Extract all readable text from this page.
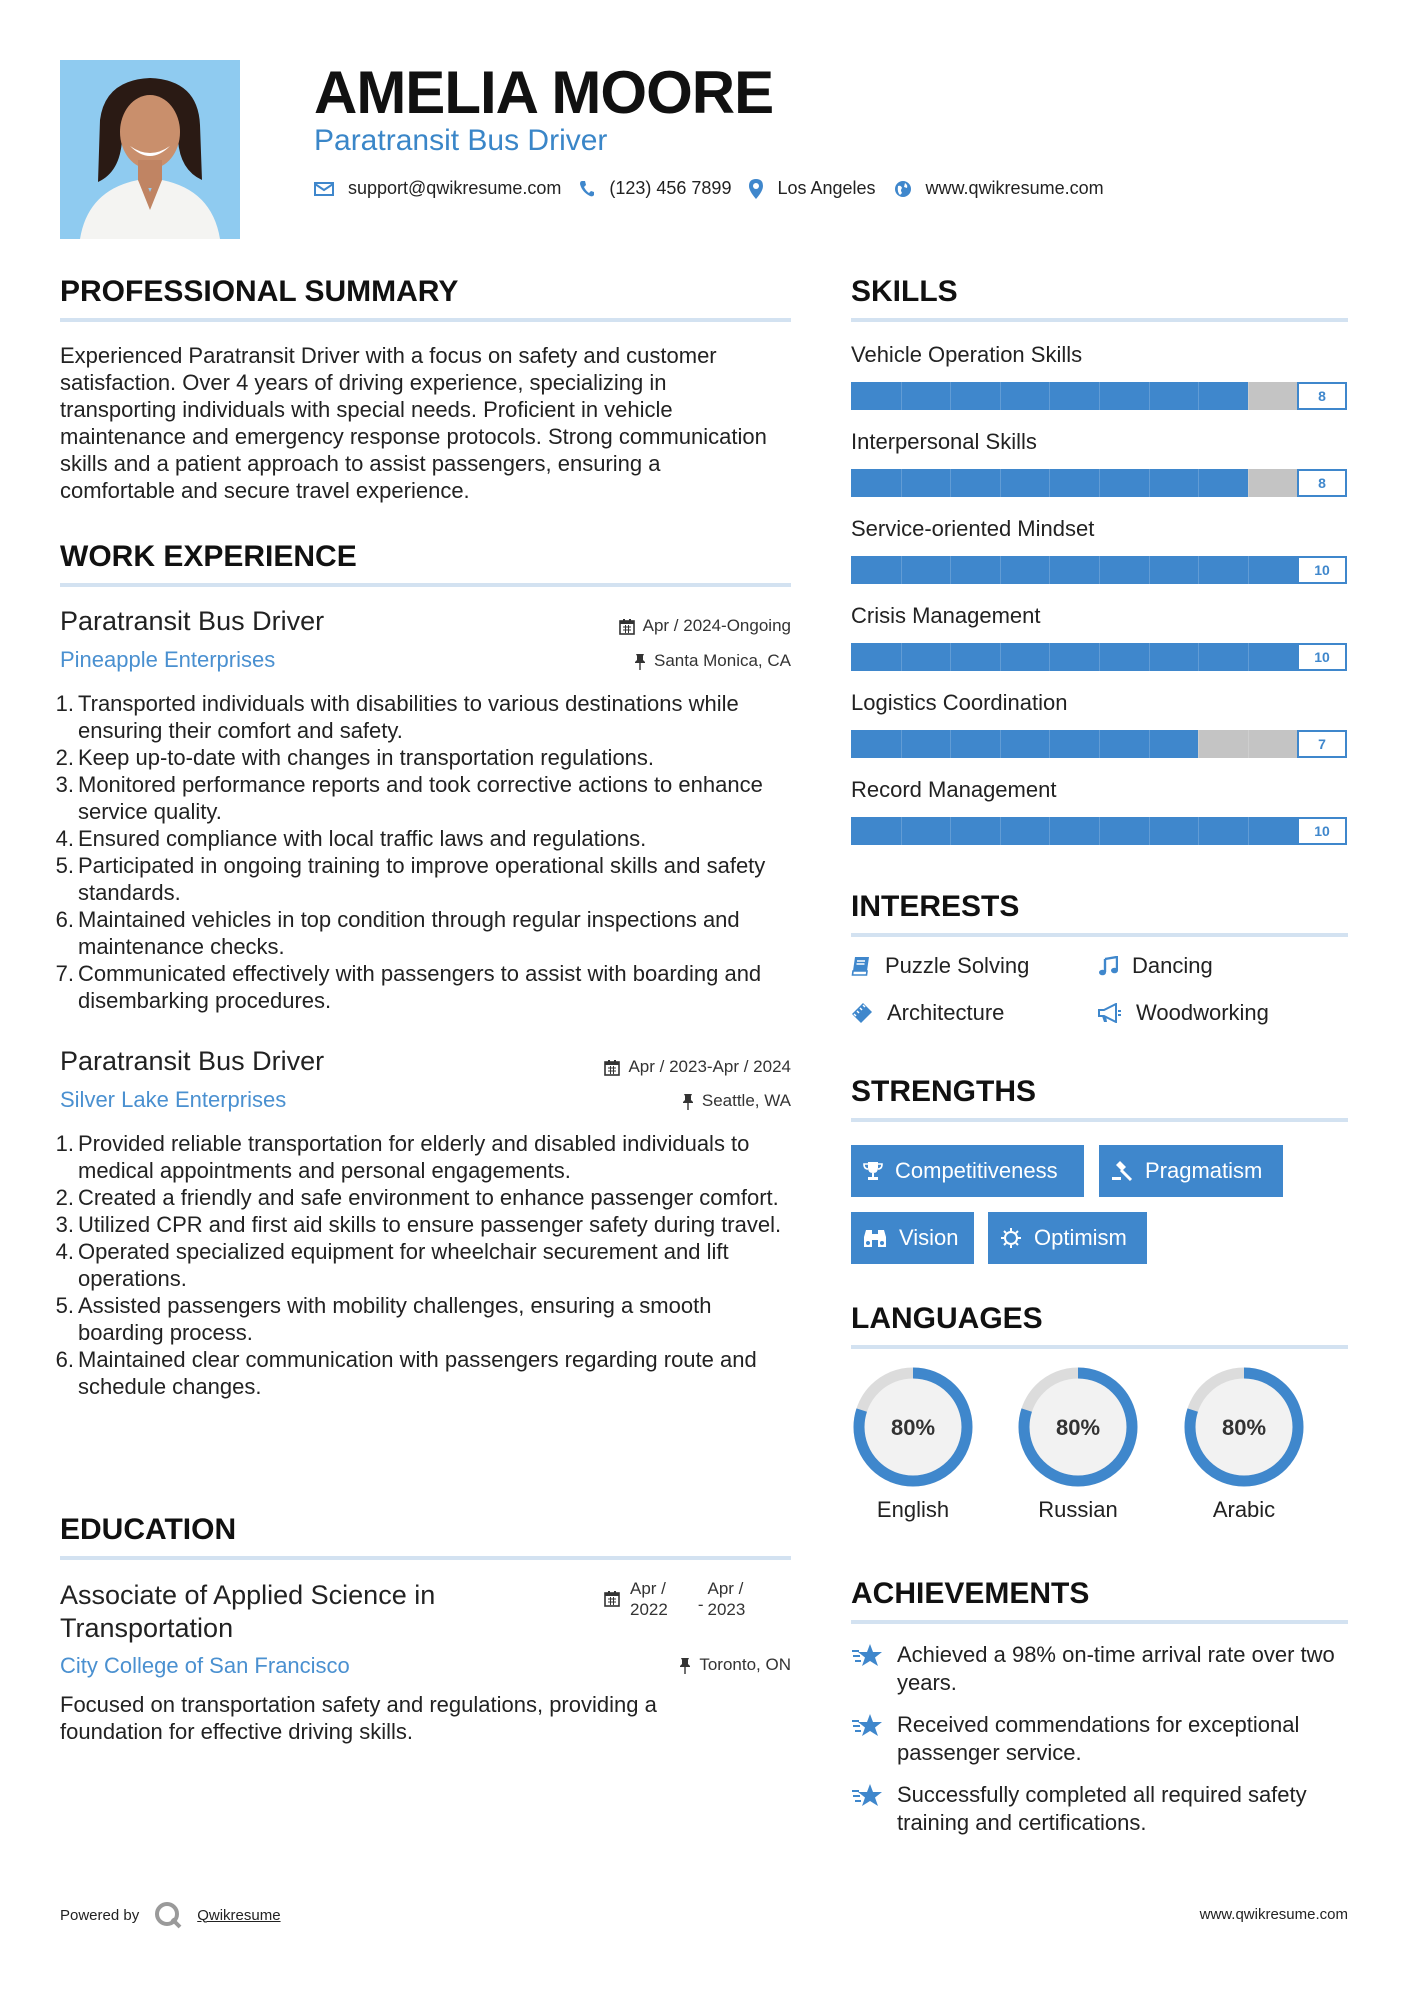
AMELIA MOORE
Paratransit Bus Driver
support@qwikresume.com	(123) 456 7899	Los Angeles	www.qwikresume.com
PROFESSIONAL SUMMARY
Experienced Paratransit Driver with a focus on safety and customer satisfaction. Over 4 years of driving experience, specializing in transporting individuals with special needs. Proficient in vehicle maintenance and emergency response protocols. Strong communication skills and a patient approach to assist passengers, ensuring a comfortable and secure travel experience.
WORK EXPERIENCE
Paratransit Bus Driver	Apr / 2024-Ongoing
Pineapple Enterprises	Santa Monica, CA
Transported individuals with disabilities to various destinations while ensuring their comfort and safety.
Keep up-to-date with changes in transportation regulations.
Monitored performance reports and took corrective actions to enhance service quality.
Ensured compliance with local traffic laws and regulations.
Participated in ongoing training to improve operational skills and safety standards.
Maintained vehicles in top condition through regular inspections and maintenance checks.
Communicated effectively with passengers to assist with boarding and disembarking procedures.
Paratransit Bus Driver	Apr / 2023-Apr / 2024
Silver Lake Enterprises	Seattle, WA
Provided reliable transportation for elderly and disabled individuals to medical appointments and personal engagements.
Created a friendly and safe environment to enhance passenger comfort.
Utilized CPR and first aid skills to ensure passenger safety during travel.
Operated specialized equipment for wheelchair securement and lift operations.
Assisted passengers with mobility challenges, ensuring a smooth boarding process.
Maintained clear communication with passengers regarding route and schedule changes.
EDUCATION
Associate of Applied Science in
Transportation
Apr /
2022 -
Apr /
2023
City College of San Francisco	Toronto, ON
Focused on transportation safety and regulations, providing a foundation for effective driving skills.
SKILLS
Vehicle Operation Skills
8
Interpersonal Skills
8
Service-oriented Mindset
10
Crisis Management
10
Logistics Coordination
7
Record Management
10
INTERESTS
Puzzle Solving	Dancing
Architecture	Woodworking
STRENGTHS
Competitiveness	Pragmatism
Vision	Optimism
LANGUAGES
80%
English
80%
Russian
80%
Arabic
ACHIEVEMENTS
Achieved a 98% on-time arrival rate over two years.
Received commendations for exceptional passenger service.
Successfully completed all required safety training and certifications.
Powered by	Qwikresume	www.qwikresume.com
